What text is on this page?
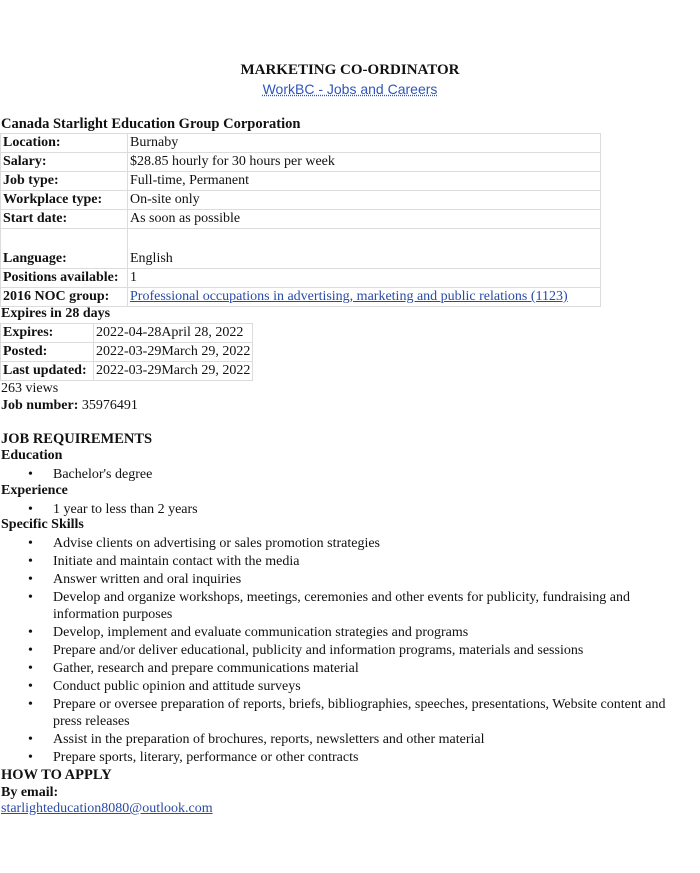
MARKETING CO-ORDINATOR
WorkBC - Jobs and Careers
Canada Starlight Education Group Corporation
Location:	Burnaby
Salary:	$28.85 hourly for 30 hours per week
Job type:	Full-time, Permanent
Workplace type:	On-site only
Start date:	As soon as possible
Language:	English
Positions available:	1
2016 NOC group:	Professional occupations in advertising, marketing and public relations (1123)
Expires in 28 days
Expires:	2022-04-28April 28, 2022
Posted:	2022-03-29March 29, 2022
Last updated:	2022-03-29March 29, 2022
263 views
Job number: 35976491
JOB REQUIREMENTS
Education
• Bachelor's degree
Experience
• 1 year to less than 2 years
Specific Skills
• Advise clients on advertising or sales promotion strategies
• Initiate and maintain contact with the media
• Answer written and oral inquiries
• Develop and organize workshops, meetings, ceremonies and other events for publicity, fundraising and information purposes
• Develop, implement and evaluate communication strategies and programs
• Prepare and/or deliver educational, publicity and information programs, materials and sessions
• Gather, research and prepare communications material
• Conduct public opinion and attitude surveys
• Prepare or oversee preparation of reports, briefs, bibliographies, speeches, presentations, Website content and press releases
• Assist in the preparation of brochures, reports, newsletters and other material
• Prepare sports, literary, performance or other contracts
HOW TO APPLY
By email:
starlighteducation8080@outlook.com
